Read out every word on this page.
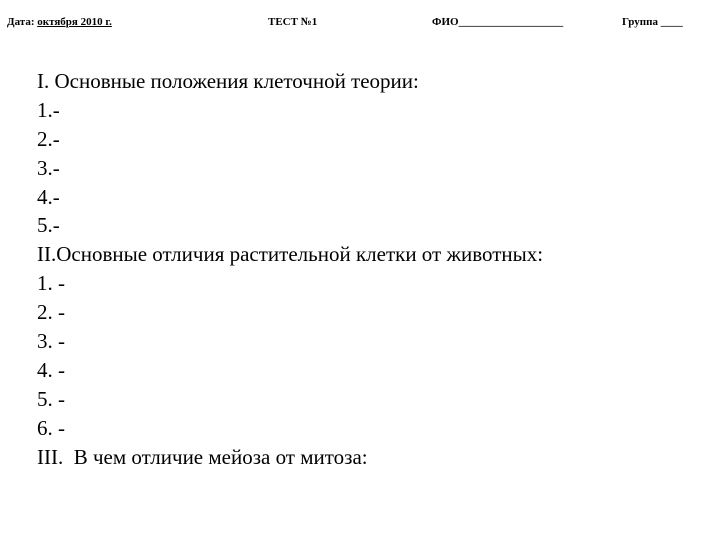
Дата: октября 2010 г.	ТЕСТ №1	ФИО___________________	Группа ____
I. Основные положения клеточной теории:
1.-
2.-
3.-
4.-
5.-
II.Основные отличия растительной клетки от животных:
1. -
2. -
3. -
4. -
5. -
6. -
III.  В чем отличие мейоза от митоза:
